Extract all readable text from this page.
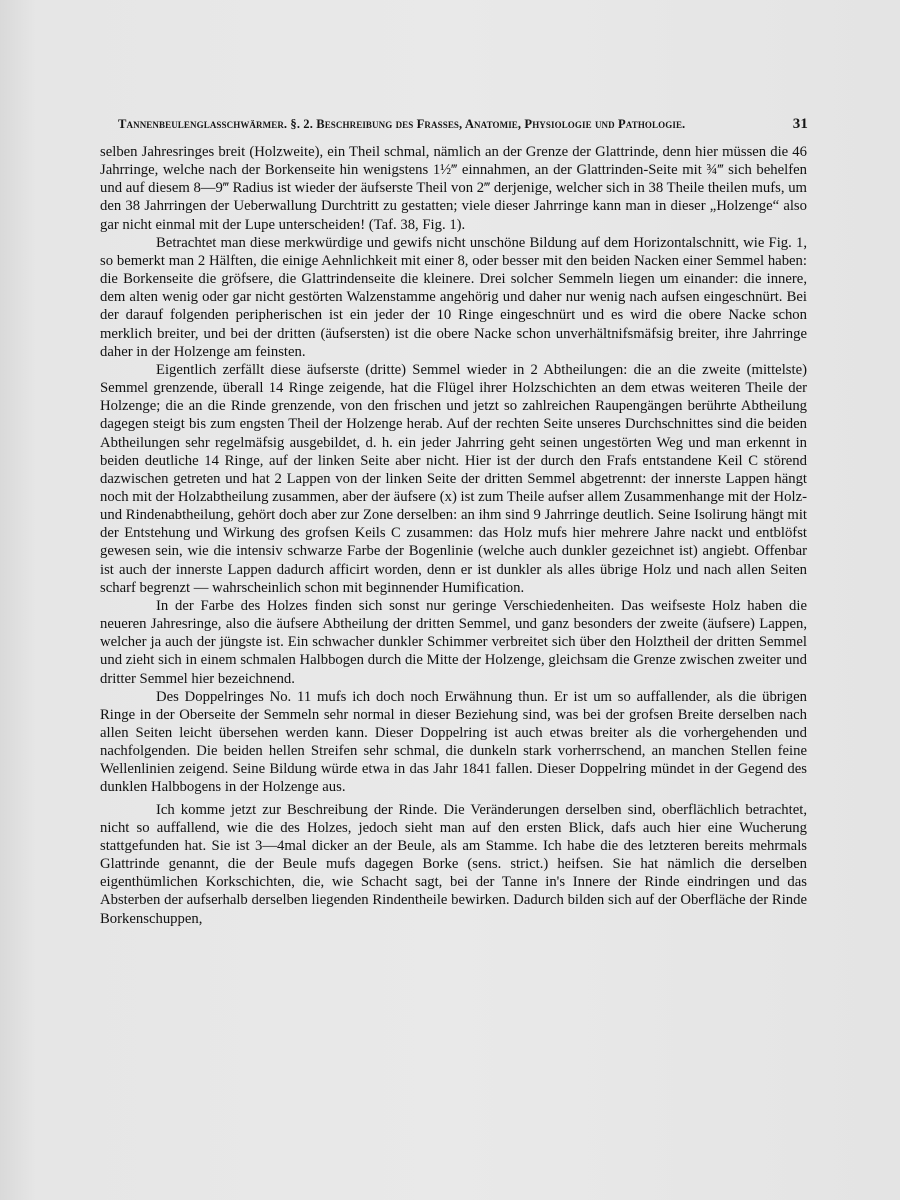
Tannenbeulenglasschwärmer. §. 2. Beschreibung des Frasses, Anatomie, Physiologie und Pathologie.	31

selben Jahresringes breit (Holzweite), ein Theil schmal, nämlich an der Grenze der Glattrinde, denn hier müssen die 46 Jahrringe, welche nach der Borkenseite hin wenigstens 1½‴ einnahmen, an der Glattrinden-Seite mit ¾‴ sich behelfen und auf diesem 8—9‴ Radius ist wieder der äufserste Theil von 2‴ derjenige, welcher sich in 38 Theile theilen mufs, um den 38 Jahrringen der Ueberwallung Durchtritt zu gestatten; viele dieser Jahrringe kann man in dieser „Holzenge“ also gar nicht einmal mit der Lupe unterscheiden! (Taf. 38, Fig. 1).

Betrachtet man diese merkwürdige und gewifs nicht unschöne Bildung auf dem Horizontalschnitt, wie Fig. 1, so bemerkt man 2 Hälften, die einige Aehnlichkeit mit einer 8, oder besser mit den beiden Nacken einer Semmel haben: die Borkenseite die gröfsere, die Glattrindenseite die kleinere. Drei solcher Semmeln liegen um einander: die innere, dem alten wenig oder gar nicht gestörten Walzenstamme angehörig und daher nur wenig nach aufsen eingeschnürt. Bei der darauf folgenden peripherischen ist ein jeder der 10 Ringe eingeschnürt und es wird die obere Nacke schon merklich breiter, und bei der dritten (äufsersten) ist die obere Nacke schon unverhältnifsmäfsig breiter, ihre Jahrringe daher in der Holzenge am feinsten.

Eigentlich zerfällt diese äufserste (dritte) Semmel wieder in 2 Abtheilungen: die an die zweite (mittelste) Semmel grenzende, überall 14 Ringe zeigende, hat die Flügel ihrer Holzschichten an dem etwas weiteren Theile der Holzenge; die an die Rinde grenzende, von den frischen und jetzt so zahlreichen Raupengängen berührte Abtheilung dagegen steigt bis zum engsten Theil der Holzenge herab. Auf der rechten Seite unseres Durchschnittes sind die beiden Abtheilungen sehr regelmäfsig ausgebildet, d. h. ein jeder Jahrring geht seinen ungestörten Weg und man erkennt in beiden deutliche 14 Ringe, auf der linken Seite aber nicht. Hier ist der durch den Frafs entstandene Keil C störend dazwischen getreten und hat 2 Lappen von der linken Seite der dritten Semmel abgetrennt: der innerste Lappen hängt noch mit der Holzabtheilung zusammen, aber der äufsere (x) ist zum Theile aufser allem Zusammenhange mit der Holz- und Rindenabtheilung, gehört doch aber zur Zone derselben: an ihm sind 9 Jahrringe deutlich. Seine Isolirung hängt mit der Entstehung und Wirkung des grofsen Keils C zusammen: das Holz mufs hier mehrere Jahre nackt und entblöfst gewesen sein, wie die intensiv schwarze Farbe der Bogenlinie (welche auch dunkler gezeichnet ist) angiebt. Offenbar ist auch der innerste Lappen dadurch afficirt worden, denn er ist dunkler als alles übrige Holz und nach allen Seiten scharf begrenzt — wahrscheinlich schon mit beginnender Humification.

In der Farbe des Holzes finden sich sonst nur geringe Verschiedenheiten. Das weifseste Holz haben die neueren Jahresringe, also die äufsere Abtheilung der dritten Semmel, und ganz besonders der zweite (äufsere) Lappen, welcher ja auch der jüngste ist. Ein schwacher dunkler Schimmer verbreitet sich über den Holztheil der dritten Semmel und zieht sich in einem schmalen Halbbogen durch die Mitte der Holzenge, gleichsam die Grenze zwischen zweiter und dritter Semmel hier bezeichnend.

Des Doppelringes No. 11 mufs ich doch noch Erwähnung thun. Er ist um so auffallender, als die übrigen Ringe in der Oberseite der Semmeln sehr normal in dieser Beziehung sind, was bei der grofsen Breite derselben nach allen Seiten leicht übersehen werden kann. Dieser Doppelring ist auch etwas breiter als die vorhergehenden und nachfolgenden. Die beiden hellen Streifen sehr schmal, die dunkeln stark vorherrschend, an manchen Stellen feine Wellenlinien zeigend. Seine Bildung würde etwa in das Jahr 1841 fallen. Dieser Doppelring mündet in der Gegend des dunklen Halbbogens in der Holzenge aus.

Ich komme jetzt zur Beschreibung der Rinde. Die Veränderungen derselben sind, oberflächlich betrachtet, nicht so auffallend, wie die des Holzes, jedoch sieht man auf den ersten Blick, dafs auch hier eine Wucherung stattgefunden hat. Sie ist 3—4mal dicker an der Beule, als am Stamme. Ich habe die des letzteren bereits mehrmals Glattrinde genannt, die der Beule mufs dagegen Borke (sens. strict.) heifsen. Sie hat nämlich die derselben eigenthümlichen Korkschichten, die, wie Schacht sagt, bei der Tanne in's Innere der Rinde eindringen und das Absterben der aufserhalb derselben liegenden Rindentheile bewirken. Dadurch bilden sich auf der Oberfläche der Rinde Borkenschuppen,
